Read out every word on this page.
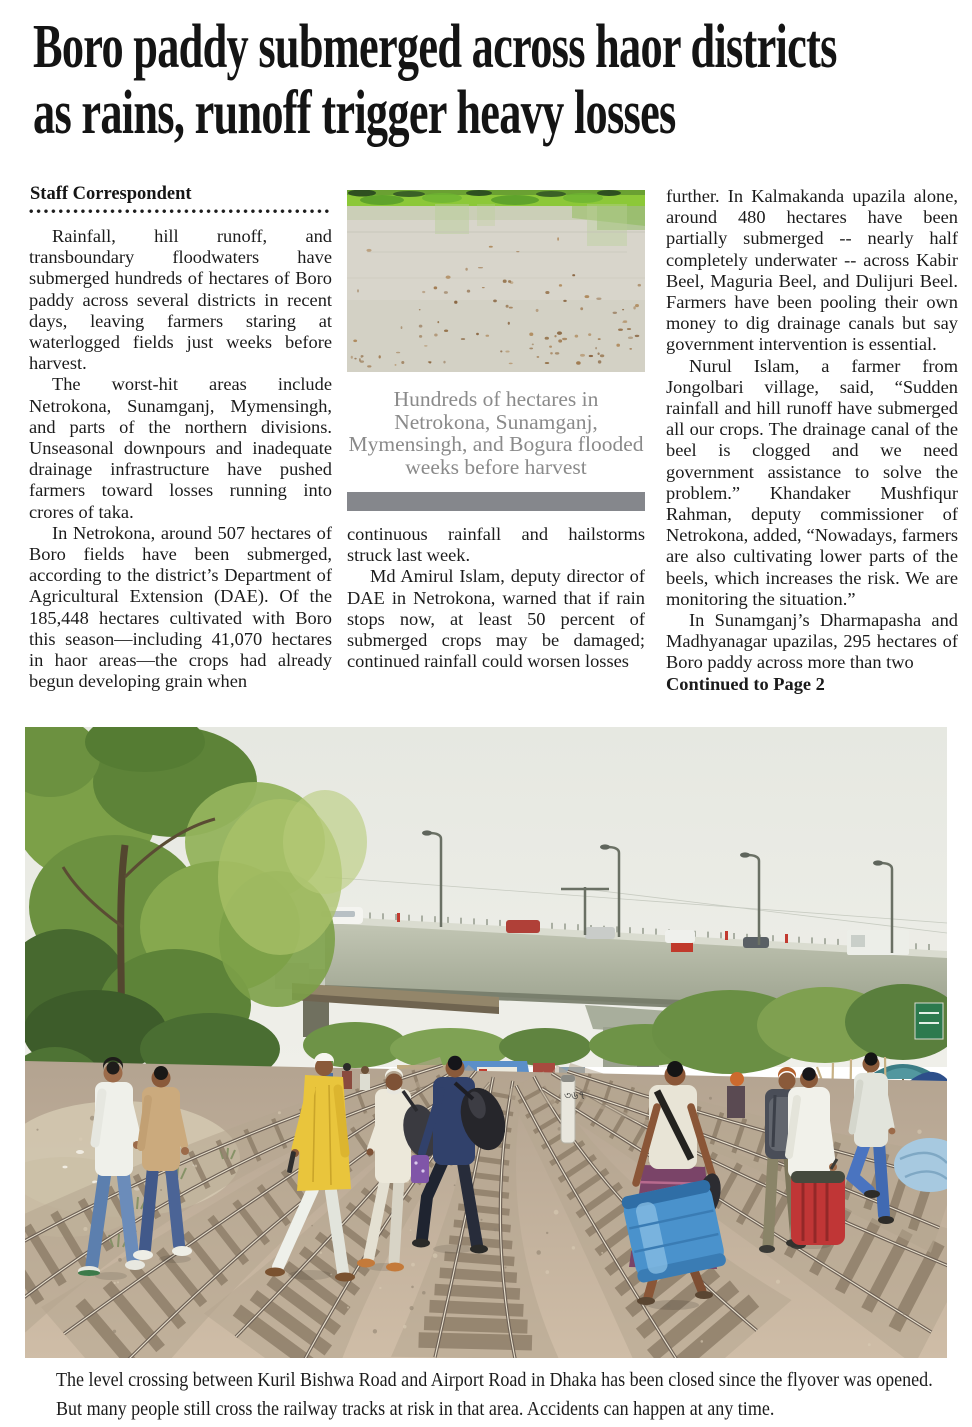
Boro paddy submerged across haor districts
as rains, runoff trigger heavy losses
Staff Correspondent

Rainfall, hill runoff, and transboundary floodwaters have submerged hundreds of hectares of Boro paddy across several districts in recent days, leaving farmers staring at waterlogged fields just weeks before harvest.

The worst-hit areas include Netrokona, Sunamganj, Mymensingh, and parts of the northern divisions. Unseasonal downpours and inadequate drainage infrastructure have pushed farmers toward losses running into crores of taka.

In Netrokona, around 507 hectares of Boro fields have been submerged, according to the district’s Department of Agricultural Extension (DAE). Of the 185,448 hectares cultivated with Boro this season—including 41,070 hectares in haor areas—the crops had already begun developing grain when

Hundreds of hectares in Netrokona, Sunamganj, Mymensingh, and Bogura flooded weeks before harvest

continuous rainfall and hailstorms struck last week.

Md Amirul Islam, deputy director of DAE in Netrokona, warned that if rain stops now, at least 50 percent of submerged crops may be damaged; continued rainfall could worsen losses

further. In Kalmakanda upazila alone, around 480 hectares have been partially submerged -- nearly half completely underwater -- across Kabir Beel, Maguria Beel, and Dulijuri Beel. Farmers have been pooling their own money to dig drainage canals but say government intervention is essential.

Nurul Islam, a farmer from Jongolbari village, said, “Sudden rainfall and hill runoff have submerged all our crops. The drainage canal of the beel is clogged and we need government assistance to solve the problem.” Khandaker Mushfiqur Rahman, deputy commissioner of Netrokona, added, “Nowadays, farmers are also cultivating lower parts of the beels, which increases the risk. We are monitoring the situation.”

In Sunamganj’s Dharmapasha and Madhyanagar upazilas, 295 hectares of Boro paddy across more than two

Continued to Page 2

৩৬৭
The level crossing between Kuril Bishwa Road and Airport Road in Dhaka has been closed since the flyover was opened.
But many people still cross the railway tracks at risk in that area. Accidents can happen at any time.
